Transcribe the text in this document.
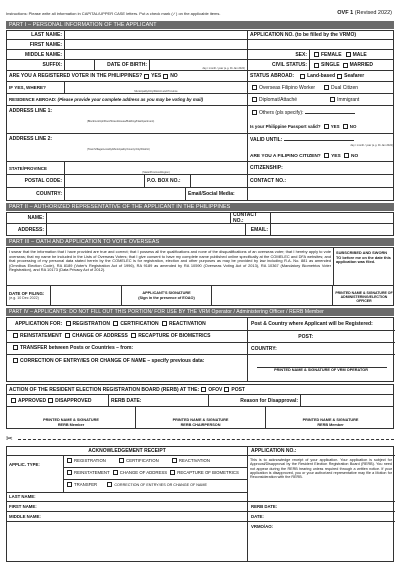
Instructions: Please write all information in CAPITAL/UPPER CASE letters. Put a check mark (✓) on the applicable items.	OVF 1 (Revised 2022)
PART I – PERSONAL INFORMATION OF THE APPLICANT
LAST NAME:	APPLICATION NO. (to be filled by the VRMO)
FIRST NAME:
MIDDLE NAME:	SEX:	FEMALE MALE
SUFFIX:	DATE OF BIRTH:
day / month / year (e.g. 01 Jan 2022)
CIVIL STATUS:	SINGLE MARRIED
ARE YOU A REGISTERED VOTER IN THE PHILIPPINES? YES NO	STATUS ABROAD:	Land-based Seafarer
IF YES, WHERE?
Municipality/City/District and Province
Overseas Filipino Worker	Dual Citizen
RESIDENCE ABROAD:
(Please provide your complete address as you may be voting by mail)	Diplomat/Attaché	Immigrant
ADDRESS LINE 1:
(Block/Lot/Apt/Floor/Street/House/Building/Flat/Apartment)
Others (pls specify):
Is your Philippine Passport valid? YES NO
ADDRESS LINE 2:
(Town/Village/Locality/Municipality/County/City/District)
VALID UNTIL:
day / month / year (e.g. 01 Jan 2022)
ARE YOU A FILIPINO CITIZEN? YES NO
STATE/PROVINCE
(State/Province/Region)
CITIZENSHIP:
POSTAL CODE:	P.O. BOX NO.:	CONTACT NO.:
COUNTRY:	Email/Social Media:
PART II – AUTHORIZED REPRESENTATIVE OF THE APPLICANT IN THE PHILIPPINES
NAME:	CONTACT NO.:
ADDRESS:	EMAIL:
PART III – OATH AND APPLICATION TO VOTE OVERSEAS
I swear that the information that I have provided are true and correct; that I possess all the qualifications and none of the disqualifications of an overseas voter; that I hereby apply to vote overseas; that my name be included in the Lists of Overseas Voters; that I give consent to have my complete name published online specifically at the COMELEC and DFA websites; and that processing of my personal data stated herein by the COMELEC is for registration, election and other purposes as may be provided by law including R.A. No. 881 as amended (Omnibus Election Code), RA 8189 (Voter's Registration Act of 1996), RA 9189 as amended by RA 10590 (Overseas Voting Act of 2013), RA 10367 (Mandatory Biometrics Voter Registration), and RA 10173 (Data Privacy Act of 2012).
SUBSCRIBED AND SWORN TO before me on the date this application was filed.
DATE OF FILING:
(e.g. 10 Dec 2022)
APPLICANT'S SIGNATURE
(Sign in the presence of EOAO)
PRINTED NAME & SIGNATURE OF ADMINISTERING/ELECTION OFFICER
PART IV – APPLICANTS: DO NOT FILL OUT THIS PORTION/ FOR USE BY THE VRM Operator / Administering Officer / RERB Member
APPLICATION FOR: REGISTRATION CERTIFICATION REACTIVATION
REINSTATEMENT CHANGE OF ADDRESS RECAPTURE OF BIOMETRICS
TRANSFER between Posts or Countries – from:
CORRECTION OF ENTRY/IES OR CHANGE OF NAME – specify previous data:
Post & Country where Applicant will be Registered:
POST:
COUNTRY:
PRINTED NAME & SIGNATURE OF VRM OPERATOR
ACTION OF THE RESIDENT ELECTION REGISTRATION BOARD (RERB) AT THE: OFOV POST
APPROVED DISAPPROVED	RERB DATE:	Reason for Disapproval:
PRINTED NAME & SIGNATURE
RERB Member
PRINTED NAME & SIGNATURE
RERB CHAIRPERSON
PRINTED NAME & SIGNATURE
RERB Member
✂
ACKNOWLEDGEMENT RECEIPT	APPLICATION NO.:
APPLIC. TYPE:
REGISTRATION	CERTIFICATION	REACTIVATION
REINSTATEMENT CHANGE OF ADDRESS RECAPTURE OF BIOMETRICS
TRANSFER	CORRECTION OF ENTRY/IES OR CHANGE OF NAME
This is to acknowledge receipt of your application. Your application is subject for Approval/Disapproval by the Resident Election Registration Board (RERB). You need not appear during the RERB hearing unless required through a written notice. If your application is disapproved, you or your authorized representative may file a Motion for Reconsideration with the RERB.
LAST NAME:
FIRST NAME:	RERB DATE:
MIDDLE NAME:	DATE:
VRMO/AO:
